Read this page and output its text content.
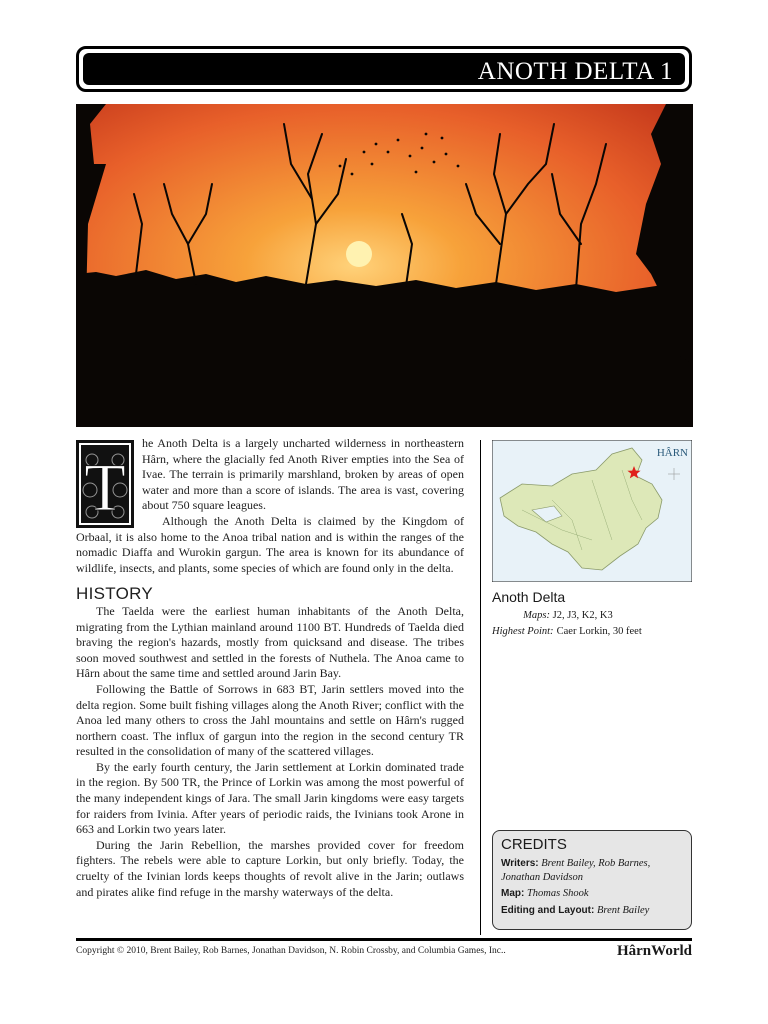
ANOTH DELTA 1
T

he Anoth Delta is a largely uncharted wilderness in northeastern Hârn, where the glacially fed Anoth River empties into the Sea of Ivae. The terrain is primarily marshland, broken by areas of open water and more than a score of islands. The area is vast, covering about 750 square leagues.

Although the Anoth Delta is claimed by the Kingdom of Orbaal, it is also home to the Anoa tribal nation and is within the ranges of the nomadic Diaffa and Wurokin gargun. The area is known for its abundance of wildlife, insects, and plants, some species of which are found only in the delta.

HISTORY

The Taelda were the earliest human inhabitants of the Anoth Delta, migrating from the Lythian mainland around 1100 BT. Hundreds of Taelda died braving the region's hazards, mostly from quicksand and disease. The tribes soon moved southwest and settled in the forests of Nuthela. The Anoa came to Hârn about the same time and settled around Jarin Bay.

Following the Battle of Sorrows in 683 BT, Jarin settlers moved into the delta region. Some built fishing villages along the Anoth River; conflict with the Anoa led many others to cross the Jahl mountains and settle on Hârn's rugged northern coast. The influx of gargun into the region in the second century TR resulted in the consolidation of many of the scattered villages.

By the early fourth century, the Jarin settlement at Lorkin dominated trade in the region. By 500 TR, the Prince of Lorkin was among the most powerful of the many independent kings of Jara. The small Jarin kingdoms were easy targets for raiders from Ivinia. After years of periodic raids, the Ivinians took Arone in 663 and Lorkin two years later.

During the Jarin Rebellion, the marshes provided cover for freedom fighters. The rebels were able to capture Lorkin, but only briefly. Today, the cruelty of the Ivinian lords keeps thoughts of revolt alive in the Jarin; outlaws and pirates alike find refuge in the marshy waterways of the delta.

HÂRN
Anoth Delta
Maps: J2, J3, K2, K3
Highest Point: Caer Lorkin, 30 feet
CREDITS
Writers: Brent Bailey, Rob Barnes, Jonathan Davidson
Map: Thomas Shook
Editing and Layout: Brent Bailey
Copyright © 2010, Brent Bailey, Rob Barnes, Jonathan Davidson, N. Robin Crossby, and Columbia Games, Inc..	HârnWorld
